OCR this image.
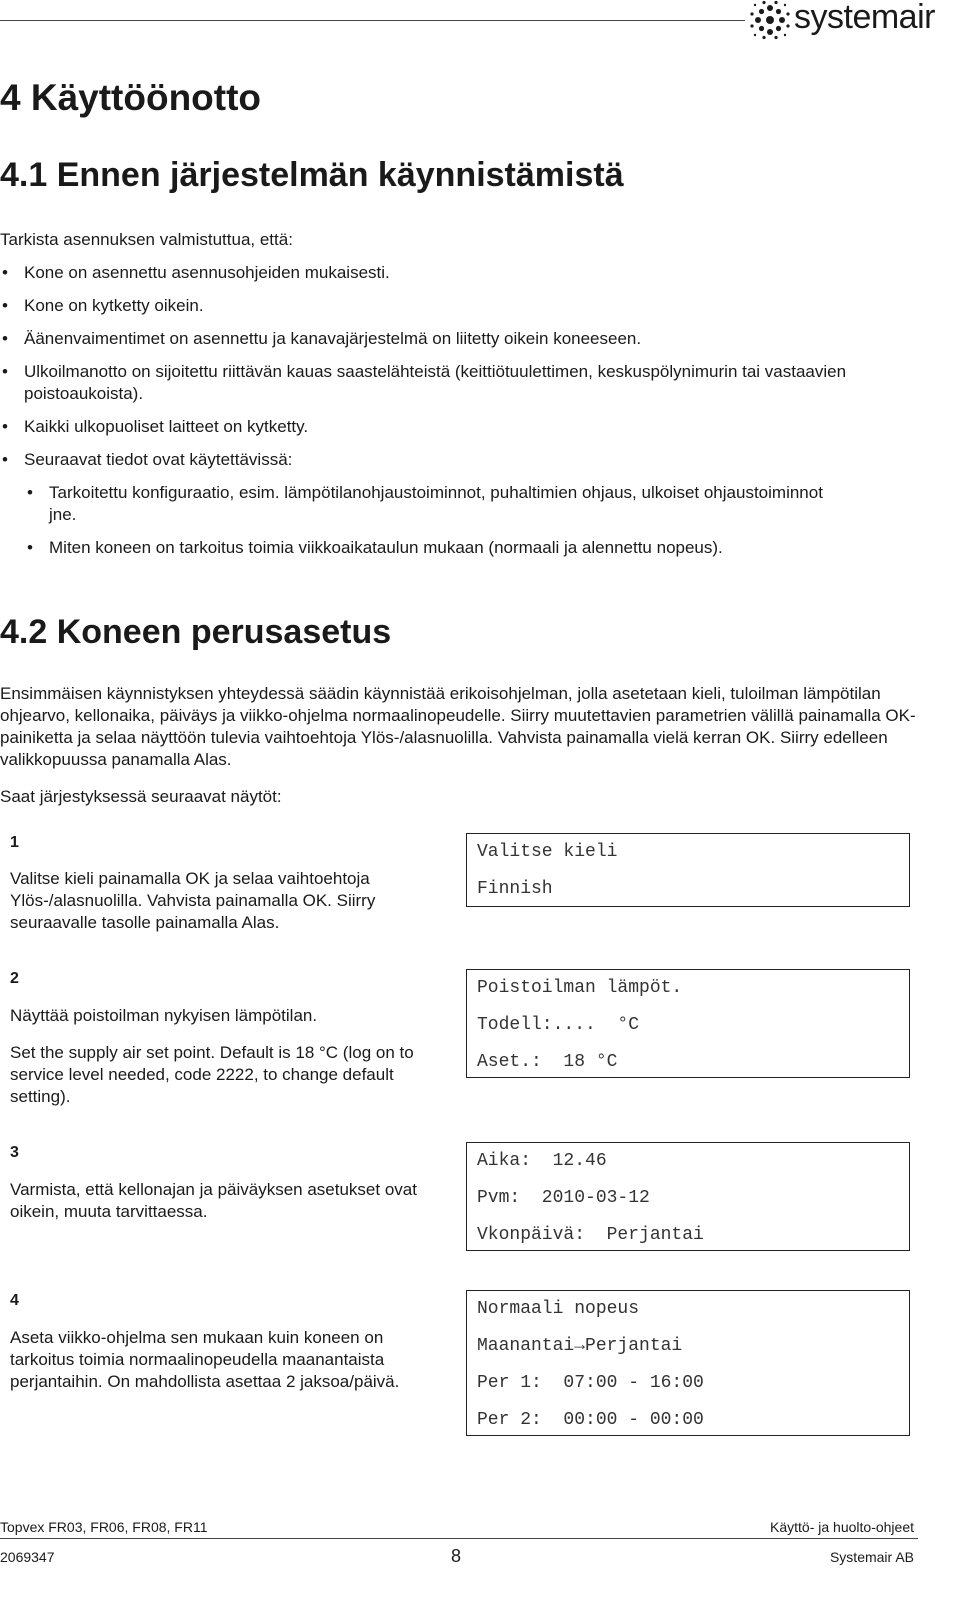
systemair
4 Käyttöönotto
4.1 Ennen järjestelmän käynnistämistä

Tarkista asennuksen valmistuttua, että:

• Kone on asennettu asennusohjeiden mukaisesti.

• Kone on kytketty oikein.

• Äänenvaimentimet on asennettu ja kanavajärjestelmä on liitetty oikein koneeseen.

• Ulkoilmanotto on sijoitettu riittävän kauas saastelähteistä (keittiötuulettimen, keskuspölynimurin tai vastaavien poistoaukoista).

• Kaikki ulkopuoliset laitteet on kytketty.

• Seuraavat tiedot ovat käytettävissä:

• Tarkoitettu konfiguraatio, esim. lämpötilanohjaustoiminnot, puhaltimien ohjaus, ulkoiset ohjaustoiminnot jne.

• Miten koneen on tarkoitus toimia viikkoaikataulun mukaan (normaali ja alennettu nopeus).

4.2 Koneen perusasetus

Ensimmäisen käynnistyksen yhteydessä säädin käynnistää erikoisohjelman, jolla asetetaan kieli, tuloilman lämpötilan ohjearvo, kellonaika, päiväys ja viikko-ohjelma normaalinopeudelle. Siirry muutettavien parametrien välillä painamalla OK-painiketta ja selaa näyttöön tulevia vaihtoehtoja Ylös-/alasnuolilla. Vahvista painamalla vielä kerran OK. Siirry edelleen valikkopuussa panamalla Alas.

Saat järjestyksessä seuraavat näytöt:

1

Valitse kieli painamalla OK ja selaa vaihtoehtoja Ylös-/alasnuolilla. Vahvista painamalla OK. Siirry seuraavalle tasolle painamalla Alas.

Valitse kieli
Finnish
2

Näyttää poistoilman nykyisen lämpötilan.

Set the supply air set point. Default is 18 °C (log on to service level needed, code 2222, to change default setting).

Poistoilman lämpöt.
Todell:....  °C
Aset.:  18 °C
3

Varmista, että kellonajan ja päiväyksen asetukset ovat oikein, muuta tarvittaessa.

Aika:  12.46
Pvm:  2010-03-12
Vkonpäivä:  Perjantai
4

Aseta viikko-ohjelma sen mukaan kuin koneen on tarkoitus toimia normaalinopeudella maanantaista perjantaihin. On mahdollista asettaa 2 jaksoa/päivä.

Normaali nopeus
Maanantai→Perjantai
Per 1:  07:00 - 16:00
Per 2:  00:00 - 00:00
Topvex FR03, FR06, FR08, FR11	Käyttö- ja huolto-ohjeet
2069347	8	Systemair AB
